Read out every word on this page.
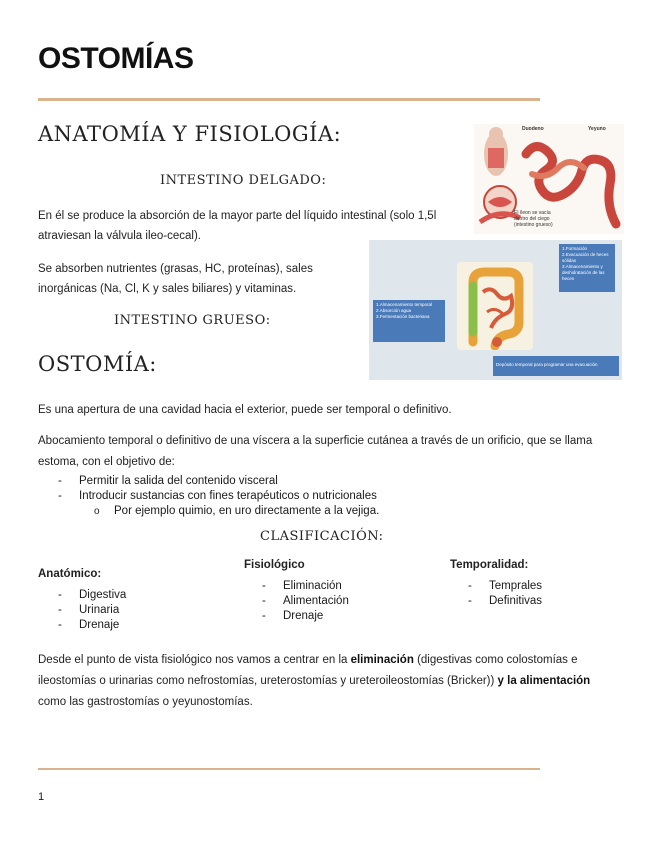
OSTOMÍAS
ANATOMÍA Y FISIOLOGÍA:
INTESTINO DELGADO:

En él se produce la absorción de la mayor parte del líquido intestinal (solo 1,5l atraviesan la válvula ileo-cecal).

Se absorben nutrientes (grasas, HC, proteínas), sales inorgánicas (Na, Cl, K y sales biliares) y vitaminas.

INTESTINO GRUESO:
Duodeno	Yeyuno
El íleon se vacía dentro del ciego (intestino grueso)
1.Formación
2.Evacuación de heces sólidas
3.Almacenamiento y deshidratación de las heces
1.Almacenamiento temporal
2.Absorción agua
3.Fermentación bacteriana
Depósito temporal para programar una evacuación
OSTOMÍA:

Es una apertura de una cavidad hacia el exterior, puede ser temporal o definitivo.

Abocamiento temporal o definitivo de una víscera a la superficie cutánea a través de un orificio, que se llama estoma, con el objetivo de:

- Permitir la salida del contenido visceral
- Introducir sustancias con fines terapéuticos o nutricionales
o Por ejemplo quimio, en uro directamente a la vejiga.
CLASIFICACIÓN:

Anatómico:

- Digestiva
- Urinaria
- Drenaje

Fisiológico

- Eliminación
- Alimentación
- Drenaje

Temporalidad:

- Temprales
- Definitivas

Desde el punto de vista fisiológico nos vamos a centrar en la eliminación (digestivas como colostomías e ileostomías o urinarias como nefrostomías, ureterostomías y ureteroileostomías (Bricker)) y la alimentación como las gastrostomías o yeyunostomías.

1
